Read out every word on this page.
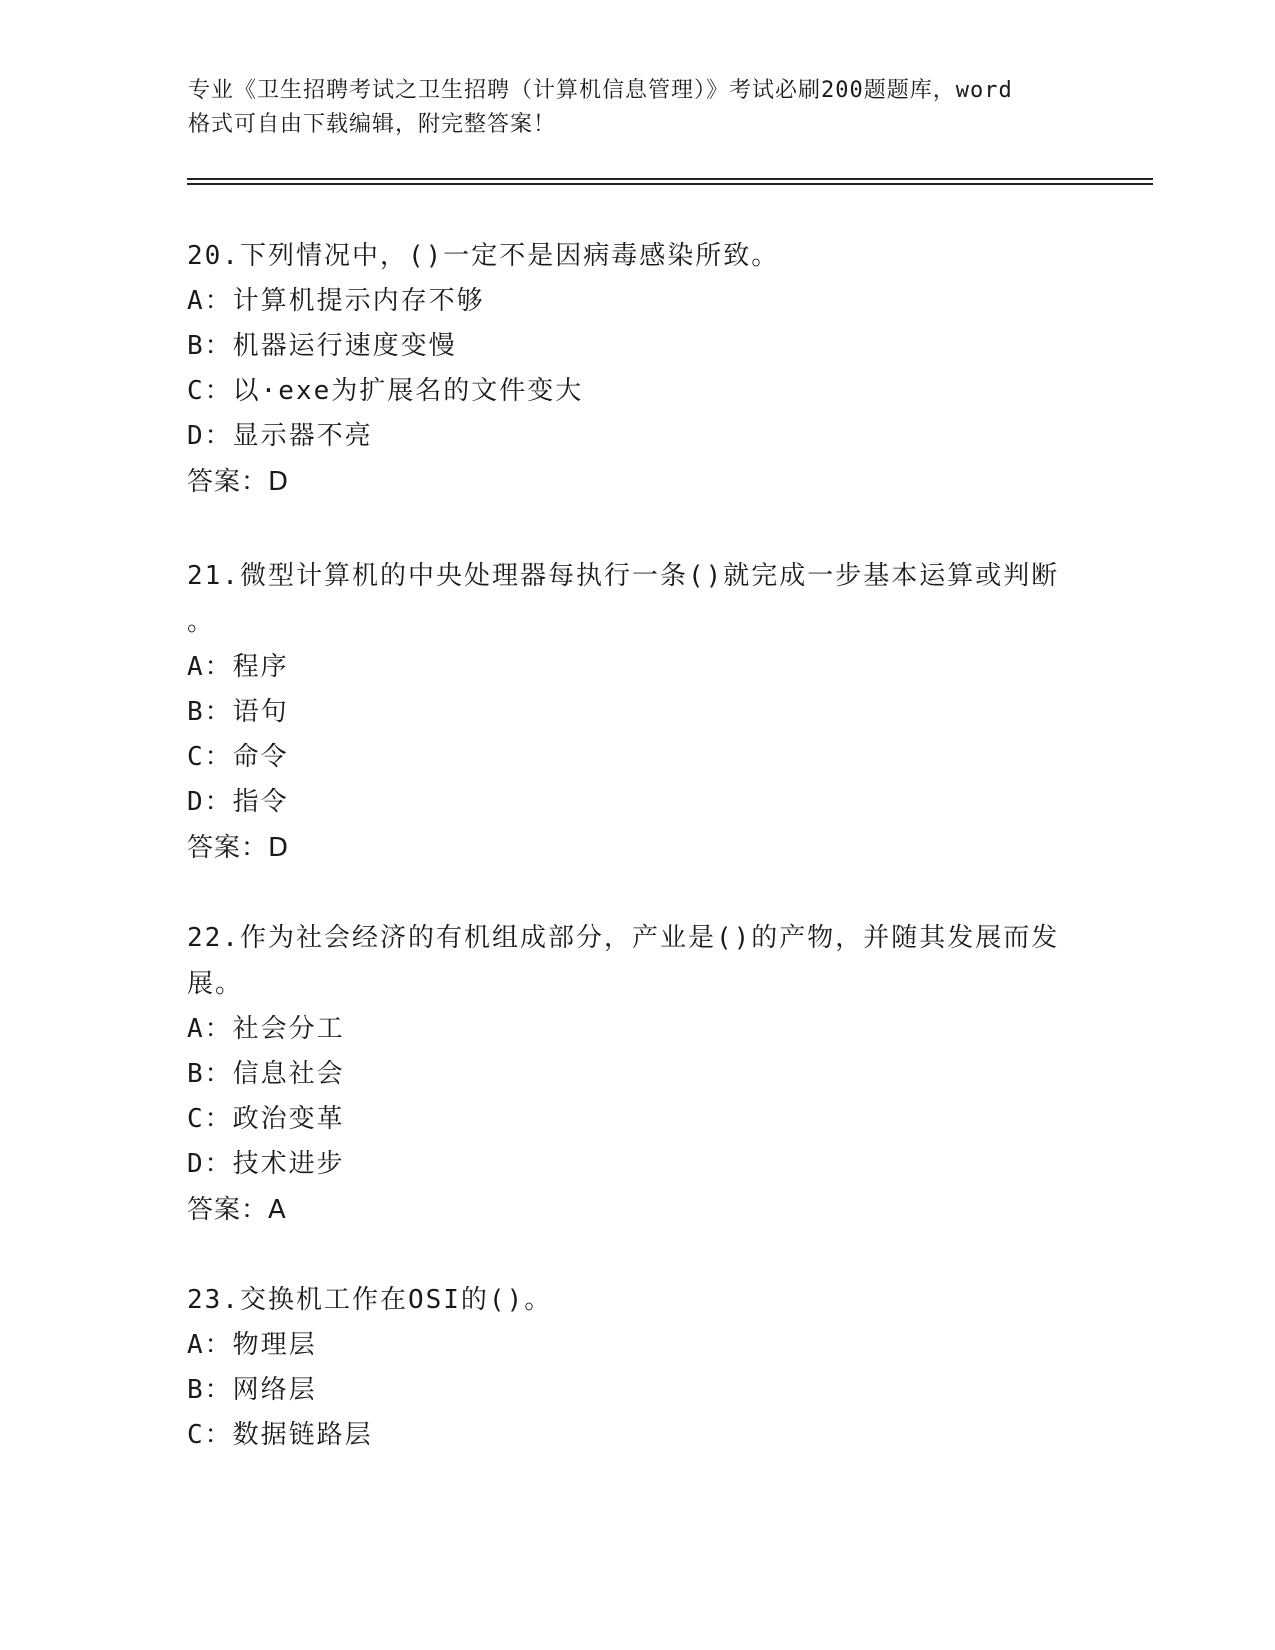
专业《卫生招聘考试之卫生招聘（计算机信息管理）》考试必刷200题题库，word
格式可自由下载编辑，附完整答案！
20.下列情况中，()一定不是因病毒感染所致。
A：计算机提示内存不够
B：机器运行速度变慢
C：以·exe为扩展名的文件变大
D：显示器不亮
答案：D
21.微型计算机的中央处理器每执行一条()就完成一步基本运算或判断
。
A：程序
B：语句
C：命令
D：指令
答案：D
22.作为社会经济的有机组成部分，产业是()的产物，并随其发展而发
展。
A：社会分工
B：信息社会
C：政治变革
D：技术进步
答案：A
23.交换机工作在OSI的()。
A：物理层
B：网络层
C：数据链路层
